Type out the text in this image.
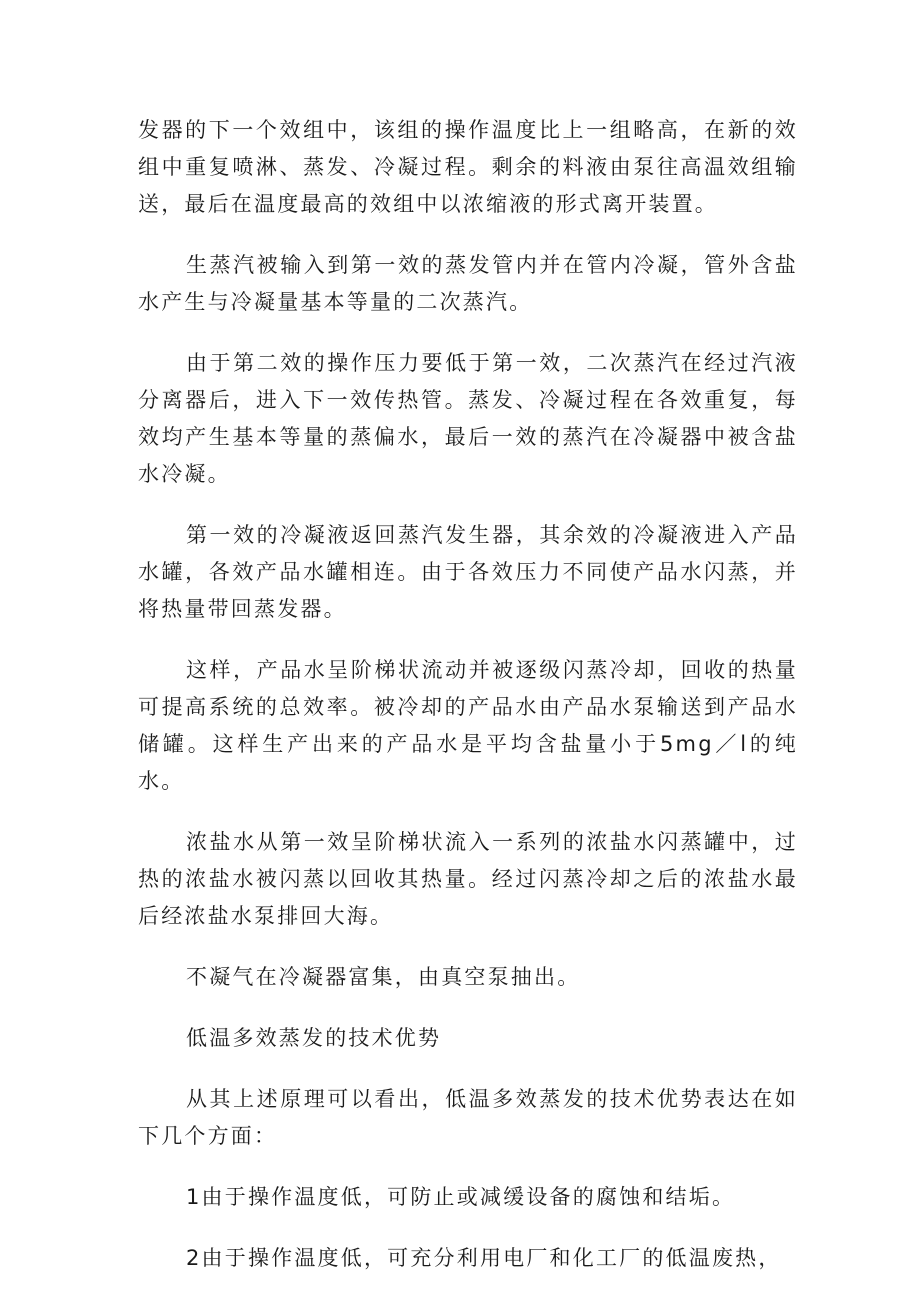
发器的下一个效组中，该组的操作温度比上一组略高，在新的效组中重复喷淋、蒸发、冷凝过程。剩余的料液由泵往高温效组输送，最后在温度最高的效组中以浓缩液的形式离开装置。

生蒸汽被输入到第一效的蒸发管内并在管内冷凝，管外含盐水产生与冷凝量基本等量的二次蒸汽。

由于第二效的操作压力要低于第一效，二次蒸汽在经过汽液分离器后，进入下一效传热管。蒸发、冷凝过程在各效重复，每效均产生基本等量的蒸偏水，最后一效的蒸汽在冷凝器中被含盐水冷凝。

第一效的冷凝液返回蒸汽发生器，其余效的冷凝液进入产品水罐，各效产品水罐相连。由于各效压力不同使产品水闪蒸，并将热量带回蒸发器。

这样，产品水呈阶梯状流动并被逐级闪蒸冷却，回收的热量可提高系统的总效率。被冷却的产品水由产品水泵输送到产品水储罐。这样生产出来的产品水是平均含盐量小于5mg／l的纯水。

浓盐水从第一效呈阶梯状流入一系列的浓盐水闪蒸罐中，过热的浓盐水被闪蒸以回收其热量。经过闪蒸冷却之后的浓盐水最后经浓盐水泵排回大海。

不凝气在冷凝器富集，由真空泵抽出。

低温多效蒸发的技术优势

从其上述原理可以看出，低温多效蒸发的技术优势表达在如下几个方面：

1由于操作温度低，可防止或减缓设备的腐蚀和结垢。

2由于操作温度低，可充分利用电厂和化工厂的低温废热，
